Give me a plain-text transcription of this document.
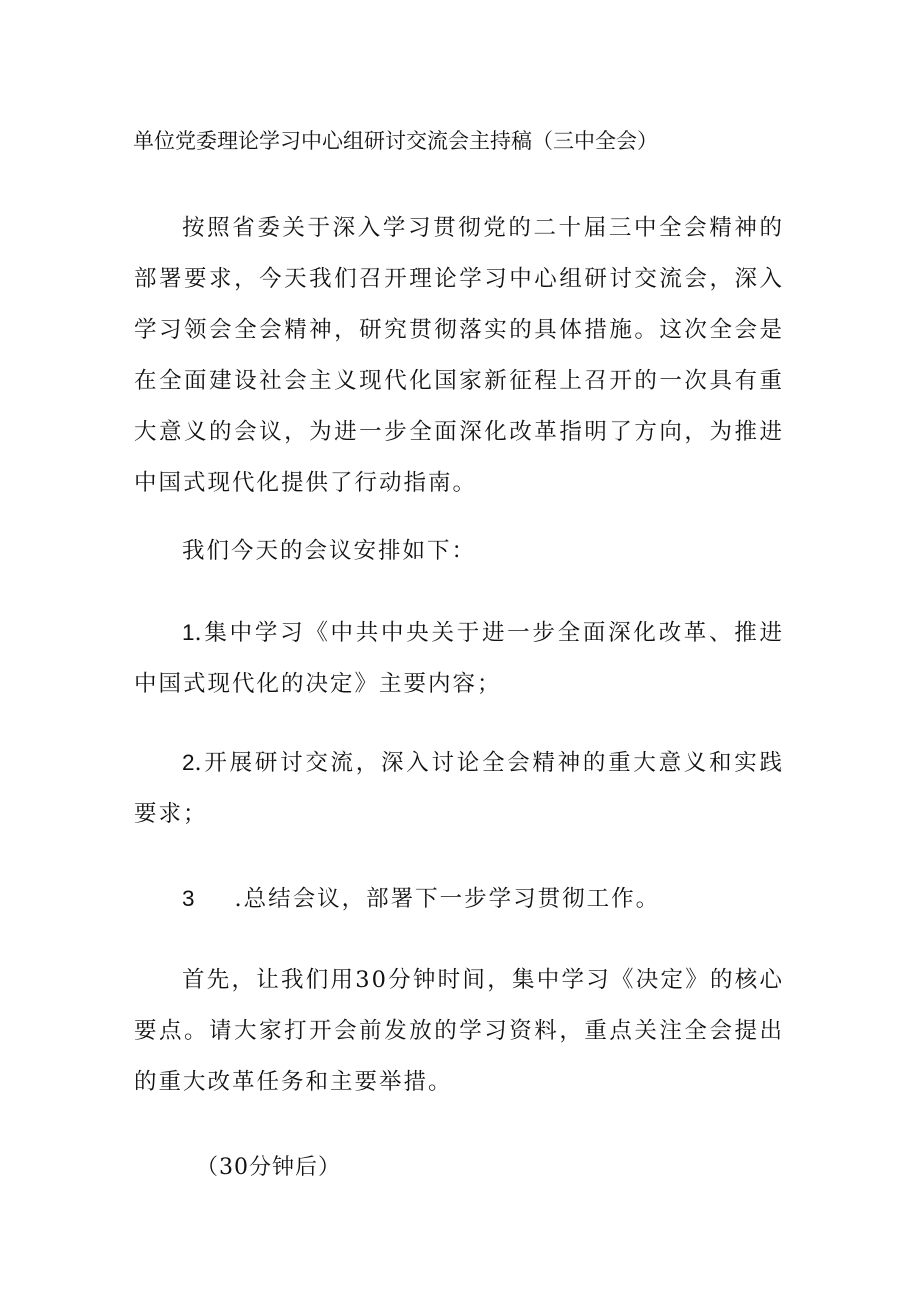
单位党委理论学习中心组研讨交流会主持稿（三中全会）

按照省委关于深入学习贯彻党的二十届三中全会精神的部署要求，今天我们召开理论学习中心组研讨交流会，深入学习领会全会精神，研究贯彻落实的具体措施。这次全会是在全面建设社会主义现代化国家新征程上召开的一次具有重大意义的会议，为进一步全面深化改革指明了方向，为推进中国式现代化提供了行动指南。

我们今天的会议安排如下：

1.集中学习《中共中央关于进一步全面深化改革、推进中国式现代化的决定》主要内容；

2.开展研讨交流，深入讨论全会精神的重大意义和实践要求；

3 .总结会议，部署下一步学习贯彻工作。

首先，让我们用30分钟时间，集中学习《决定》的核心要点。请大家打开会前发放的学习资料，重点关注全会提出的重大改革任务和主要举措。

（30分钟后）
